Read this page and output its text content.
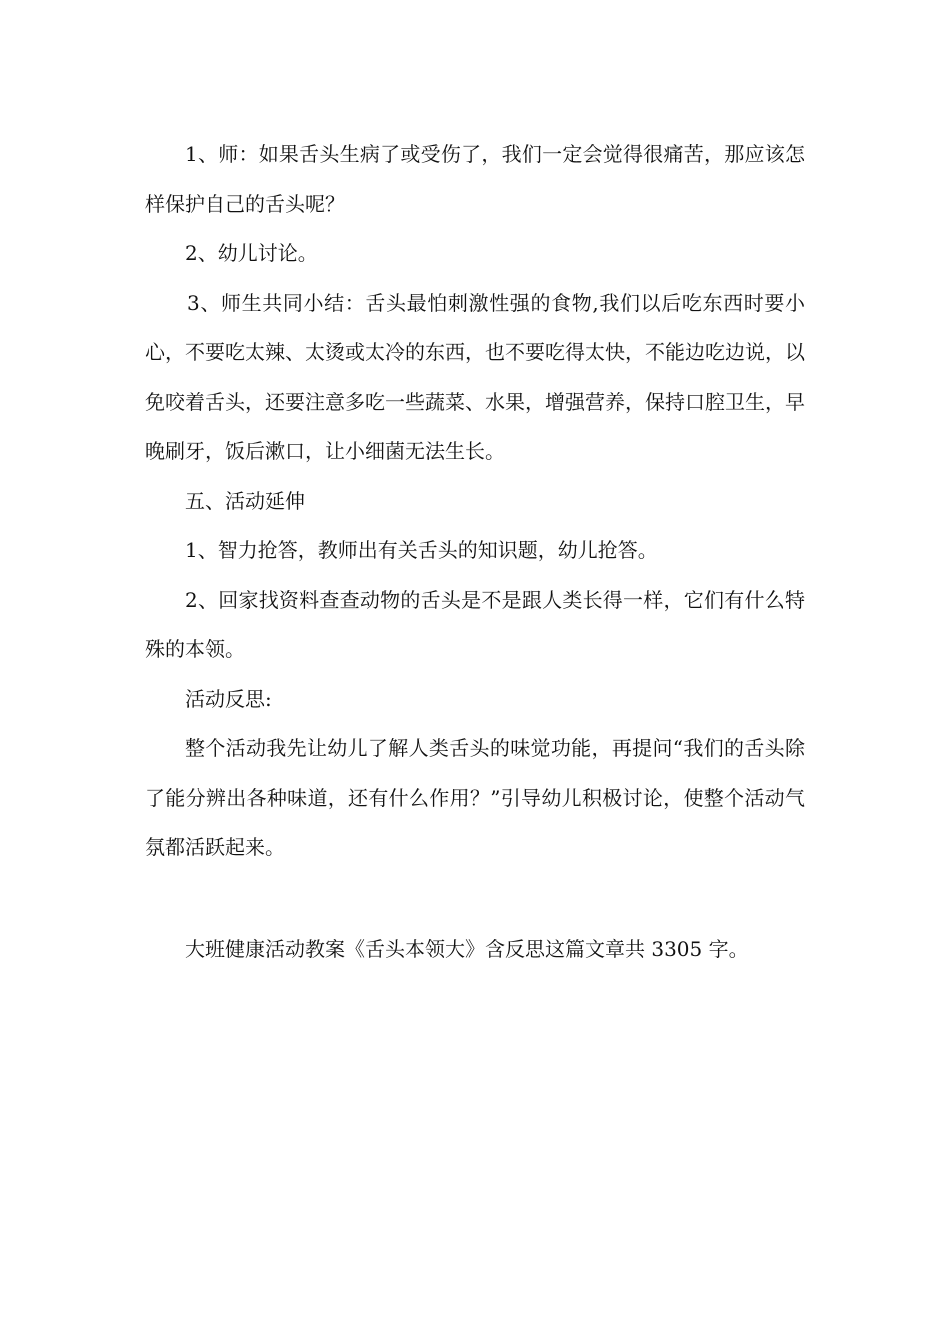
1、师：如果舌头生病了或受伤了，我们一定会觉得很痛苦，那应该怎样保护自己的舌头呢？

2、幼儿讨论。

3、师生共同小结：舌头最怕刺激性强的食物,我们以后吃东西时要小心，不要吃太辣、太烫或太冷的东西，也不要吃得太快，不能边吃边说，以免咬着舌头，还要注意多吃一些蔬菜、水果，增强营养，保持口腔卫生，早晚刷牙，饭后漱口，让小细菌无法生长。

五、活动延伸

1、智力抢答，教师出有关舌头的知识题，幼儿抢答。

2、回家找资料查查动物的舌头是不是跟人类长得一样，它们有什么特殊的本领。

活动反思:

整个活动我先让幼儿了解人类舌头的味觉功能，再提问“我们的舌头除了能分辨出各种味道，还有什么作用？”引导幼儿积极讨论，使整个活动气氛都活跃起来。

大班健康活动教案《舌头本领大》含反思这篇文章共 3305 字。
